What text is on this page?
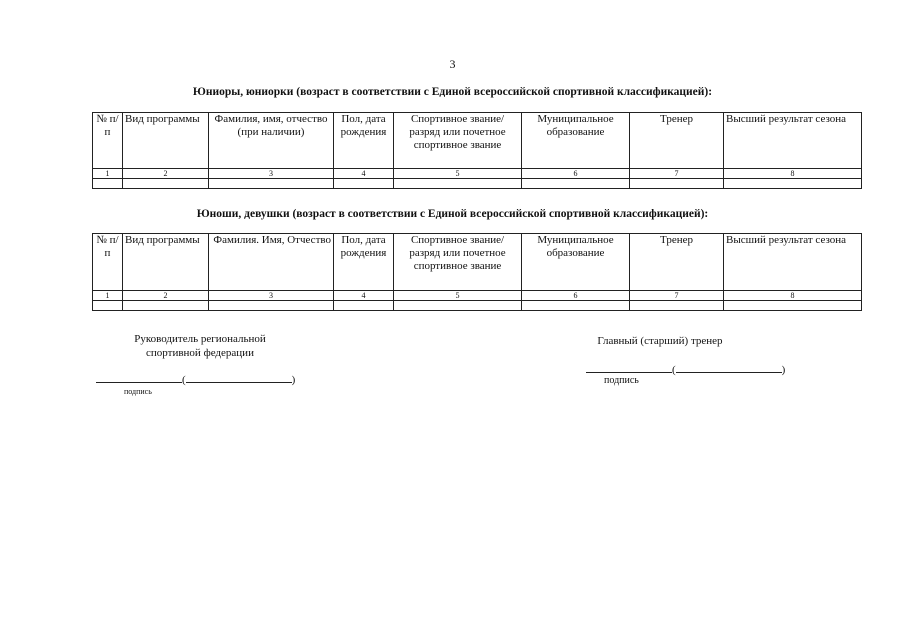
3
Юниоры, юниорки (возраст в соответствии с Единой всероссийской спортивной классификацией):
№ п/п	Вид программы	Фамилия, имя, отчество (при наличии)	Пол, дата рождения	Спортивное звание/разряд или почетное спортивное звание	Муниципальное образование	Тренер	Высший результат сезона
1	2	3	4	5	6	7	8

Юноши, девушки (возраст в соответствии с Единой всероссийской спортивной классификацией):
№ п/п	Вид программы	Фамилия. Имя, Отчество	Пол, дата рождения	Спортивное звание/разряд или почетное спортивное звание	Муниципальное образование	Тренер	Высший результат сезона
1	2	3	4	5	6	7	8

Руководитель региональной
спортивной федерации
(	)
подпись
Главный (старший) тренер
(	)
подпись
